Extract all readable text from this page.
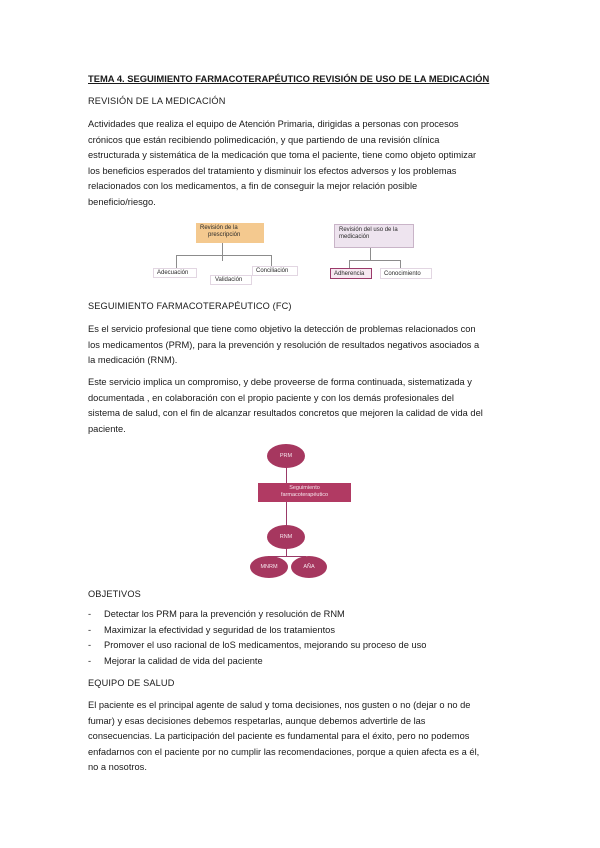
TEMA 4. SEGUIMIENTO FARMACOTERAPÉUTICO REVISIÓN DE USO DE LA MEDICACIÓN
REVISIÓN DE LA MEDICACIÓN
Actividades que realiza el equipo de Atención Primaria, dirigidas a personas con procesos
crónicos que están recibiendo polimedicación, y que partiendo de una revisión clínica
estructurada y sistemática de la medicación que toma el paciente, tiene como objeto optimizar
los beneficios esperados del tratamiento y disminuir los efectos adversos y los problemas
relacionados con los medicamentos, a fin de conseguir la mejor relación posible
beneficio/riesgo.
Revisión de la
prescripción
Adecuación
Validación
Conciliación
Revisión del uso de la
medicación
Adherencia	Conocimiento
SEGUIMIENTO FARMACOTERAPÉUTICO (FC)
Es el servicio profesional que tiene como objetivo la detección de problemas relacionados con
los medicamentos (PRM), para la prevención y resolución de resultados negativos asociados a
la medicación (RNM).
Este servicio implica un compromiso, y debe proveerse de forma continuada, sistematizada y
documentada , en colaboración con el propio paciente y con los demás profesionales del
sistema de salud, con el fin de alcanzar resultados concretos que mejoren la calidad de vida del
paciente.
PRM
Seguimiento
farmacoterapéutico
RNM
MNRM	AÑA
OBJETIVOS
- Detectar los PRM para la prevención y resolución de RNM
- Maximizar la efectividad y seguridad de los tratamientos
- Promover el uso racional de loS medicamentos, mejorando su proceso de uso
- Mejorar la calidad de vida del paciente
EQUIPO DE SALUD
El paciente es el principal agente de salud y toma decisiones, nos gusten o no (dejar o no de
fumar) y esas decisiones debemos respetarlas, aunque debemos advertirle de las
consecuencias. La participación del paciente es fundamental para el éxito, pero no podemos
enfadarnos con el paciente por no cumplir las recomendaciones, porque a quien afecta es a él,
no a nosotros.
